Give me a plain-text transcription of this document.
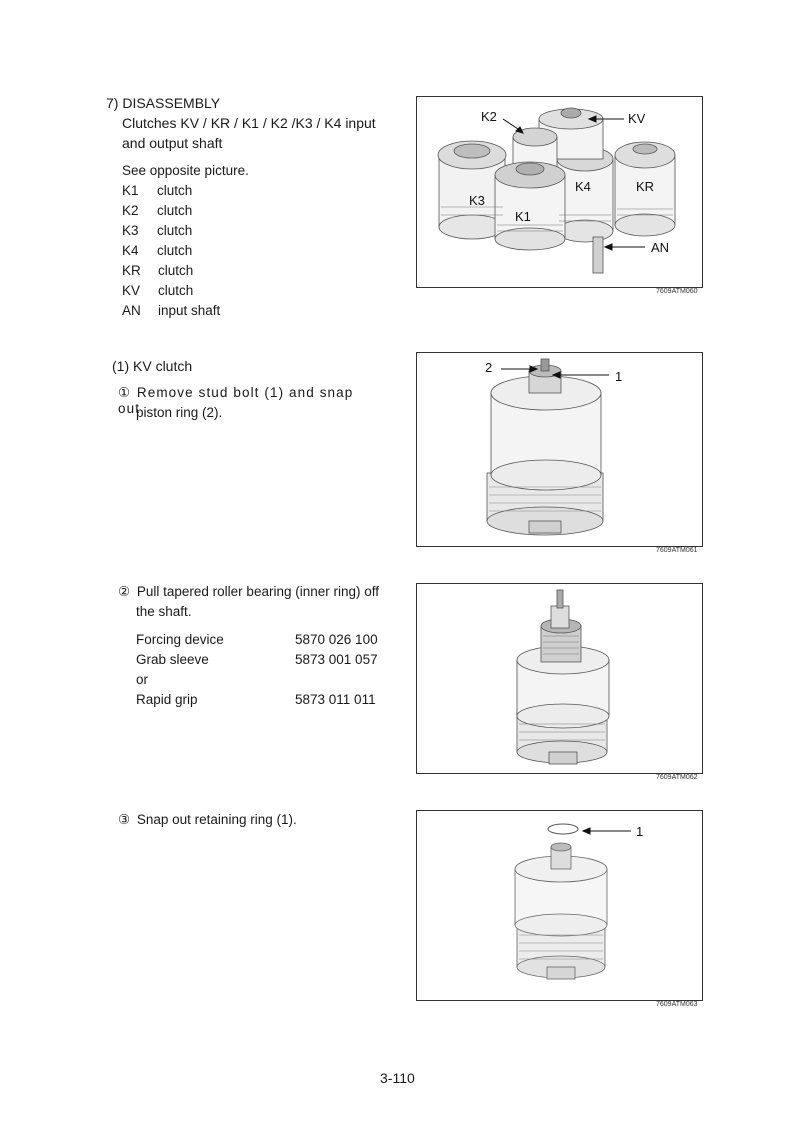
7) DISASSEMBLY
Clutches KV / KR / K1 / K2 /K3 / K4 input
and output shaft
See opposite picture.
K1 clutch
K2 clutch
K3 clutch
K4 clutch
KR clutch
KV clutch
AN input shaft
(1) KV clutch
① Remove stud bolt (1) and snap out
piston ring (2).
② Pull tapered roller bearing (inner ring) off
the shaft.
Forcing device	5870 026 100
Grab sleeve	5873 001 057
or
Rapid grip	5873 011 011
③ Snap out retaining ring (1).
K2	KV
K4	KR
K3
K1
AN
7609ATM060
2
1
7609ATM061
7609ATM062
1
7609ATM063
3-110
